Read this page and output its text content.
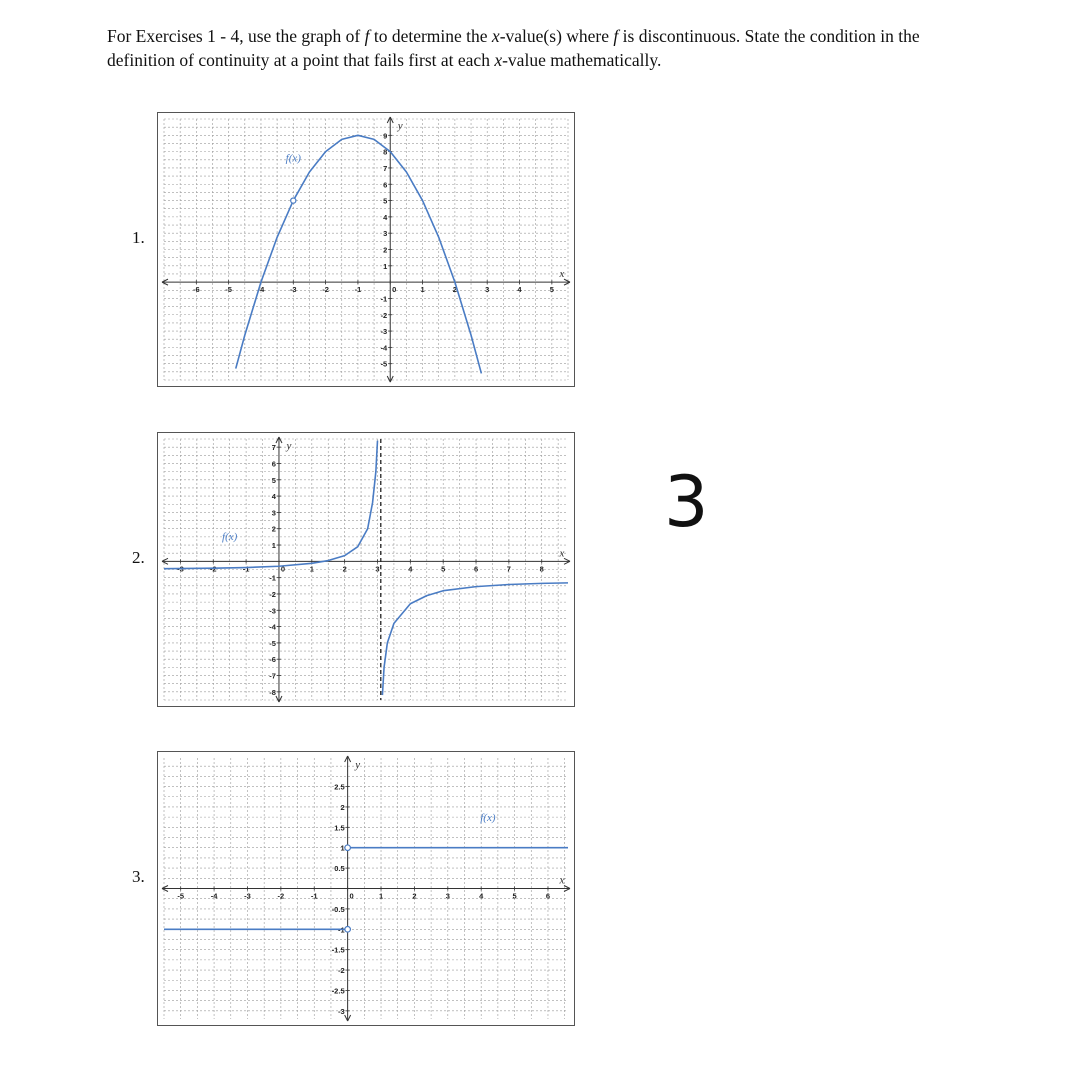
For Exercises 1 - 4, use the graph of f to determine the x-value(s) where f is discontinuous. State the condition in the definition of continuity at a point that fails first at each x-value mathematically.

1.
-6	-5	-4	-3	-2	-1	0	1	2	3	4	5
-5
-4
-3
-2
-1
1
2
3
4
5
6
7
8
9
x
y
f(x)
2.
-3	-2	-1	0	1	2	3	4	5	6	7	8
-8
-7
-6
-5
-4
-3
-2
-1
1
2
3
4
5
6
7
x
y
f(x)
3.
-5	-4	-3	-2	-1	0	1	2	3	4	5	6
-3
-2.5
-2
-1.5
-1
-0.5
0.5
1
1.5
2
2.5
x
y
f(x)
3
